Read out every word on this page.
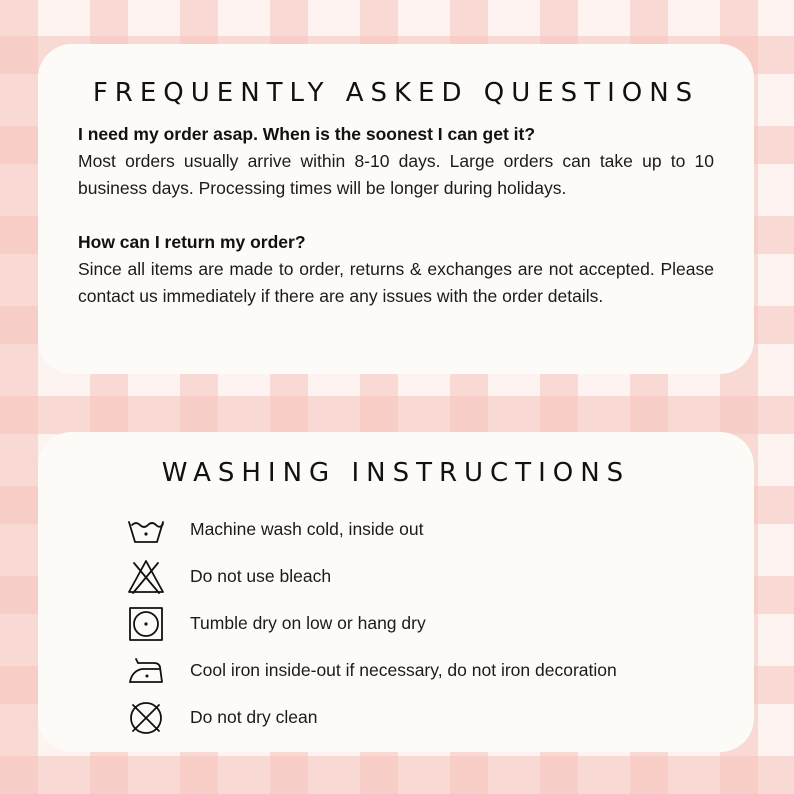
FREQUENTLY ASKED QUESTIONS

I need my order asap. When is the soonest I can get it?

Most orders usually arrive within 8-10 days. Large orders can take up to 10 business days. Processing times will be longer during holidays.

How can I return my order?

Since all items are made to order, returns & exchanges are not accepted. Please contact us immediately if there are any issues with the order details.

WASHING INSTRUCTIONS
Machine wash cold, inside out
Do not use bleach
Tumble dry on low or hang dry
Cool iron inside-out if necessary, do not iron decoration
Do not dry clean
